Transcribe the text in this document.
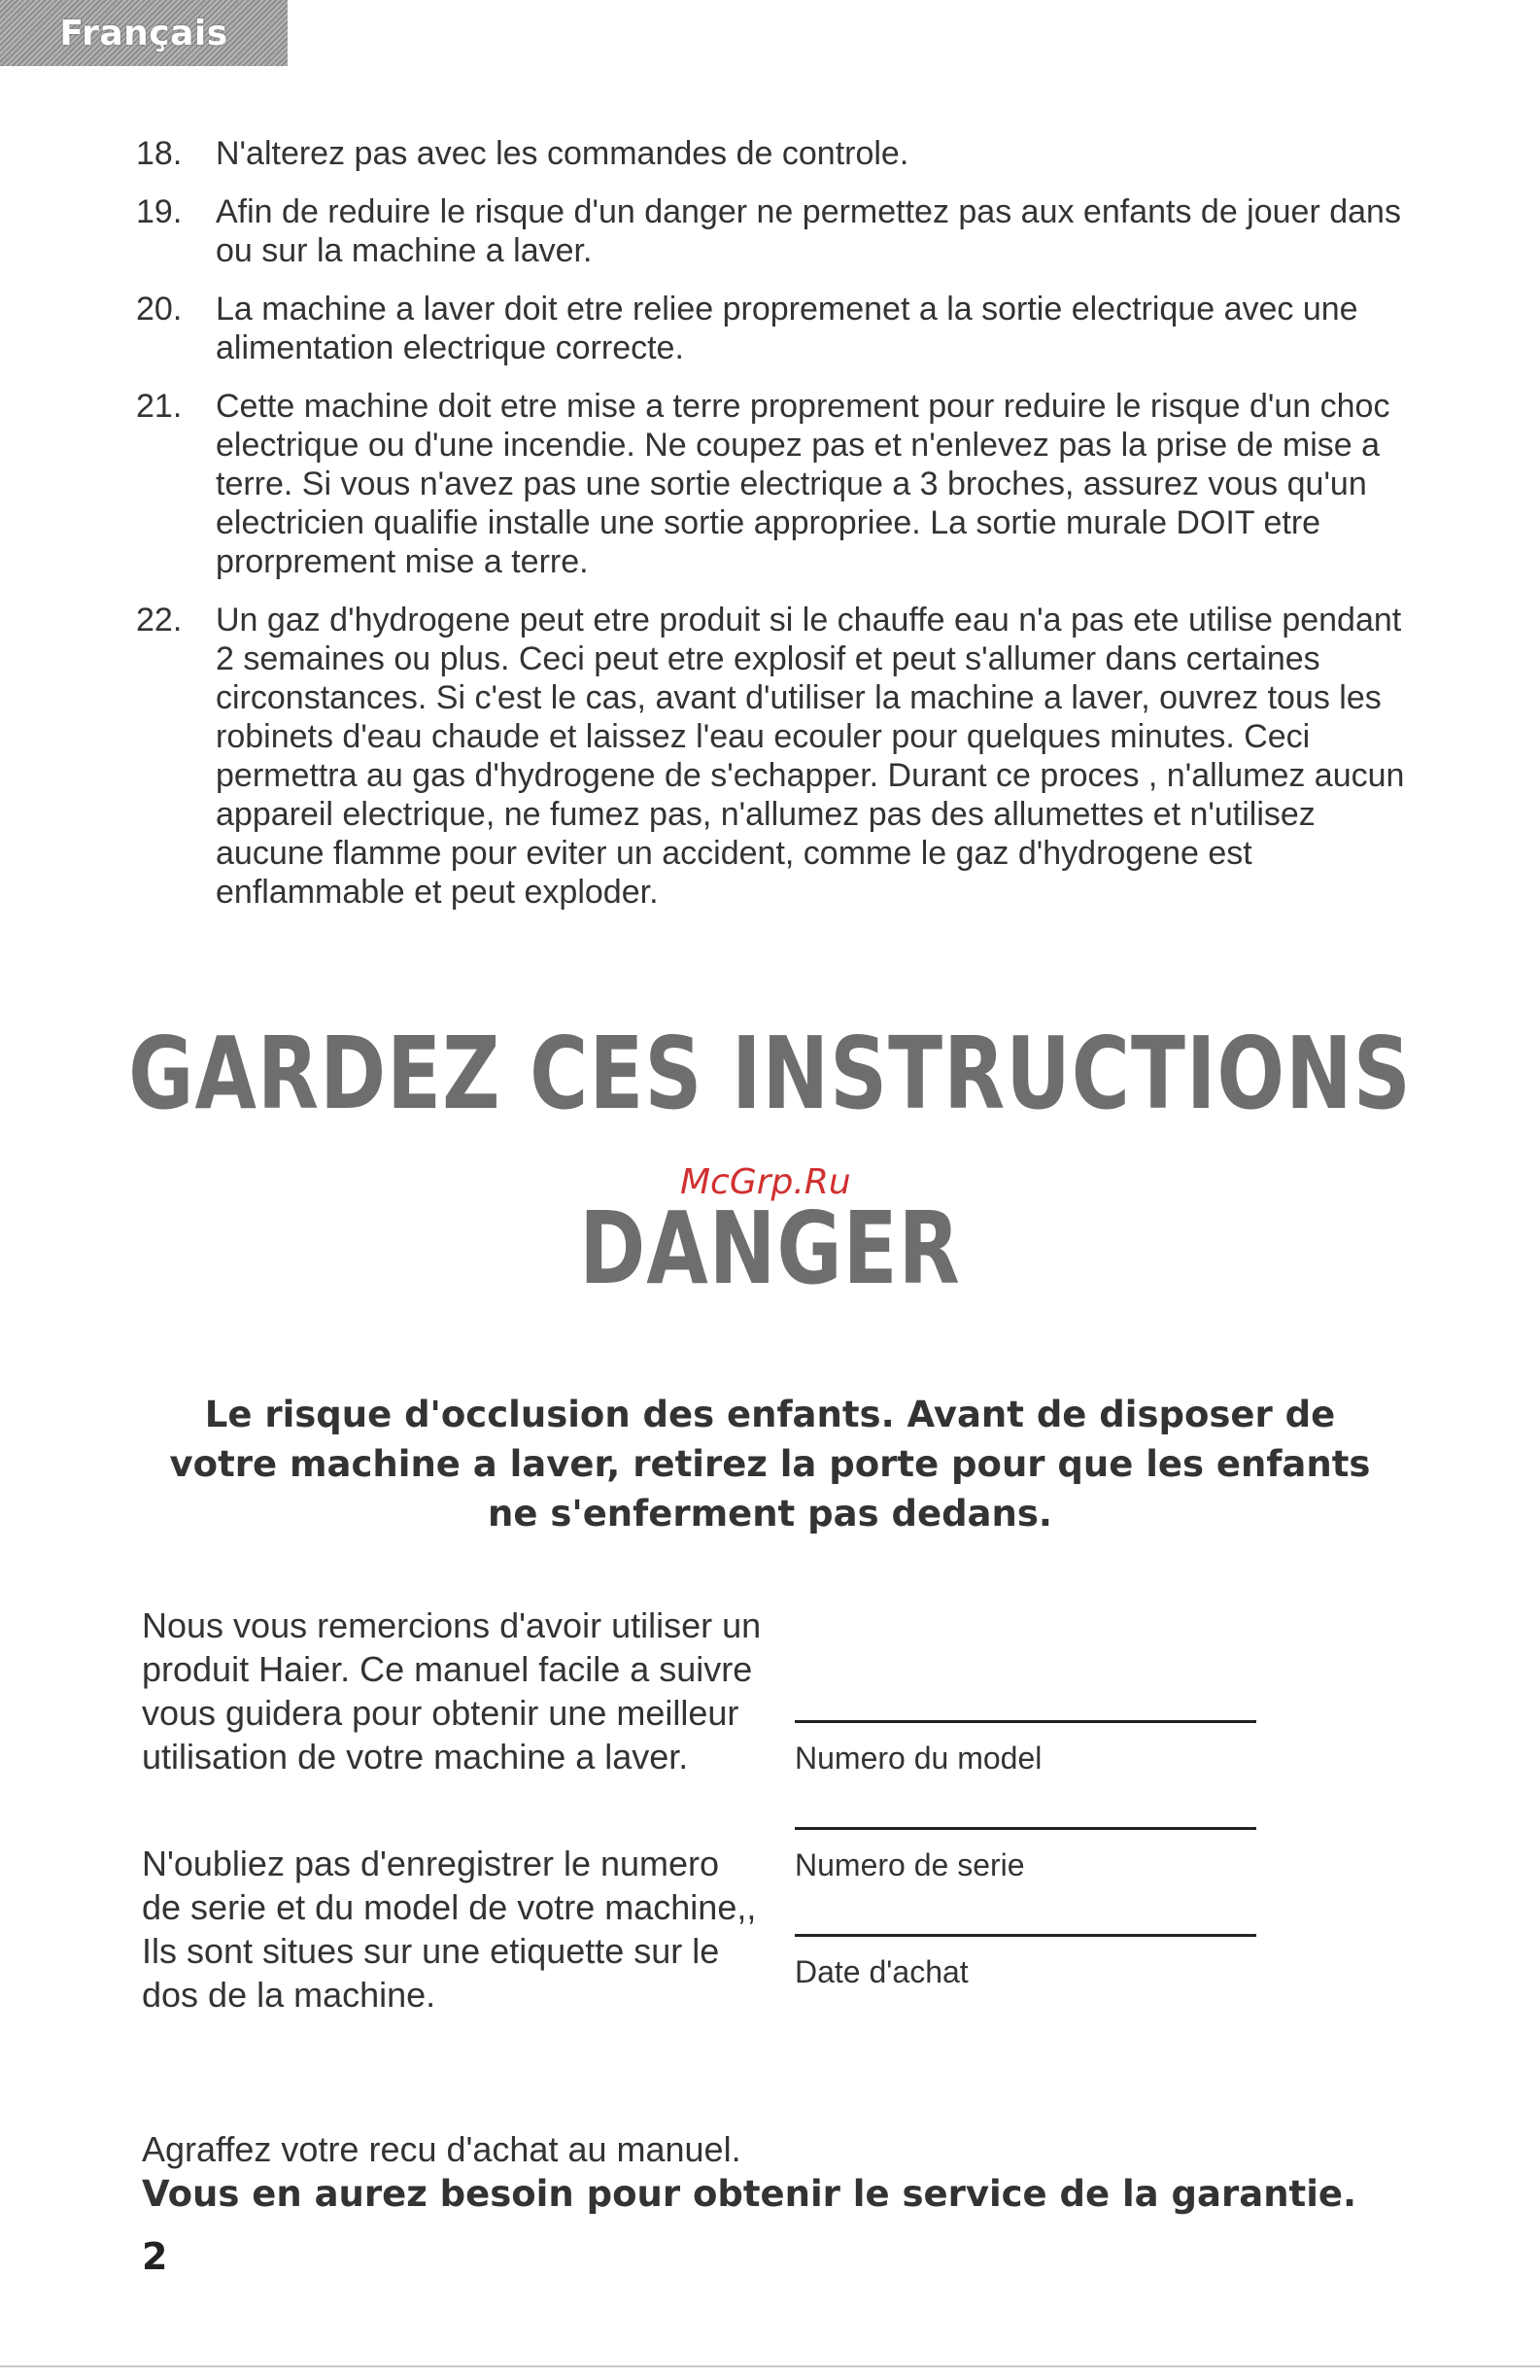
Français
18.	N'alterez pas avec les commandes de controle.
19.	Afin de reduire le risque d'un danger ne permettez pas aux enfants de jouer dans ou sur la machine a laver.
20.	La machine a laver doit etre reliee propremenet a la sortie electrique avec une alimentation electrique correcte.
21.	Cette machine doit etre mise a terre proprement pour reduire le risque d'un choc electrique ou d'une incendie. Ne coupez pas et n'enlevez pas la prise de mise a terre. Si vous n'avez pas une sortie electrique a 3 broches, assurez vous qu'un electricien qualifie installe une sortie appropriee. La sortie murale DOIT etre prorprement mise a terre.
22.	Un gaz d'hydrogene peut etre produit si le chauffe eau n'a pas ete utilise pendant 2 semaines ou plus. Ceci peut etre explosif et peut s'allumer dans certaines circonstances. Si c'est le cas, avant d'utiliser la machine a laver, ouvrez tous les robinets d'eau chaude et laissez l'eau ecouler pour quelques minutes. Ceci permettra au gas d'hydrogene de s'echapper. Durant ce proces , n'allumez aucun appareil electrique, ne fumez pas, n'allumez pas des allumettes et n'utilisez aucune flamme pour eviter un accident, comme le gaz d'hydrogene est enflammable et peut exploder.
GARDEZ CES INSTRUCTIONS
DANGER
McGrp.Ru
Le risque d'occlusion des enfants. Avant de disposer de votre machine a laver, retirez la porte pour que les enfants ne s'enferment pas dedans.
Nous vous remercions d'avoir utiliser un produit Haier. Ce manuel facile a suivre vous guidera pour obtenir une meilleur utilisation de votre machine a laver.
N'oubliez pas d'enregistrer le numero de serie et du model de votre machine,, Ils sont situes sur une etiquette sur le dos de la machine.
Numero du model
Numero de serie
Date d'achat
Agraffez votre recu d'achat au manuel.
Vous en aurez besoin pour obtenir le service de la garantie.
2
